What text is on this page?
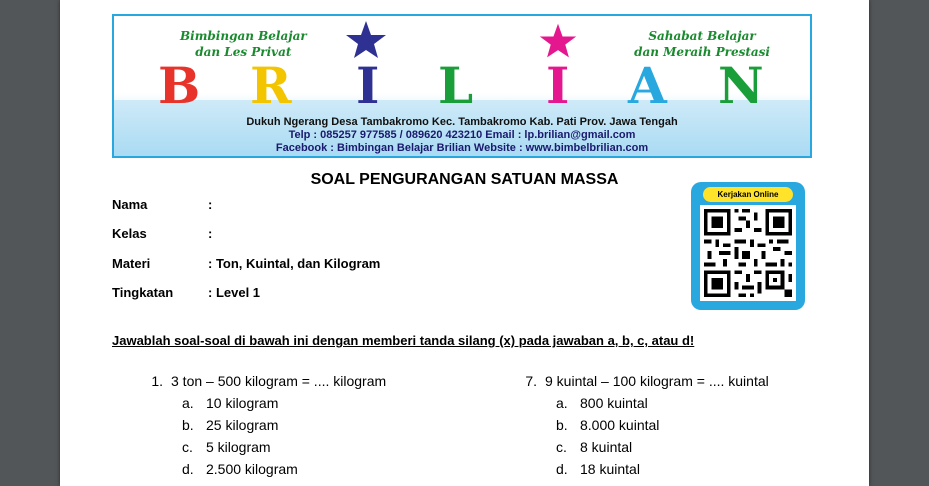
Bimbingan Belajar
dan Les Privat
Sahabat Belajar
dan Meraih Prestasi
B R I L I A N
Dukuh Ngerang Desa Tambakromo Kec. Tambakromo Kab. Pati Prov. Jawa Tengah
Telp : 085257 977585 / 089620 423210 Email : lp.brilian@gmail.com
Facebook : Bimbingan Belajar Brilian Website : www.bimbelbrilian.com
SOAL PENGURANGAN SATUAN MASSA
Nama	:
Kelas	:
Materi	: Ton, Kuintal, dan Kilogram
Tingkatan	: Level 1
Kerjakan Online
Jawablah soal-soal di bawah ini dengan memberi tanda silang (x) pada jawaban a, b, c, atau d!
1. 3 ton – 500 kilogram = .... kilogram
a. 10 kilogram
b. 25 kilogram
c. 5 kilogram
d. 2.500 kilogram
7. 9 kuintal – 100 kilogram = .... kuintal
a. 800 kuintal
b. 8.000 kuintal
c. 8 kuintal
d. 18 kuintal
